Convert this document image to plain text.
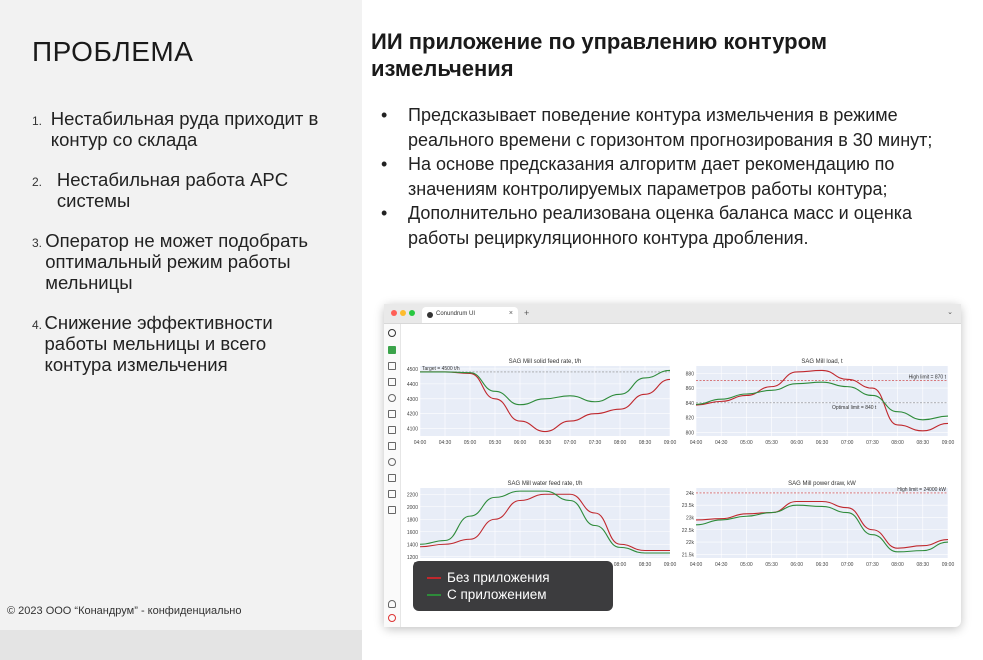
ПРОБЛЕМА
1. Нестабильная руда приходит в контур со склада
2. Нестабильная работа APC системы
3. Оператор не может подобрать оптимальный режим работы мельницы
4. Снижение эффективности работы мельницы и всего контура измельчения
© 2023 ООО “Конандрум” - конфиденциально
ИИ приложение по управлению контуром измельчения
• Предсказывает поведение контура измельчения в режиме реального времени с горизонтом прогнозирования в 30 минут;
• На основе предсказания алгоритм дает рекомендацию по значениям контролируемых параметров работы контура;
• Дополнительно реализована оценка баланса масс и оценка работы рециркуляционного контура дробления.
Conundrum UI	× +	⌄
SAG Mill solid feed rate, t/h
4100
4200
4300
4400
4500
04:00 04:30 05:00 05:30 06:00 06:30 07:00 07:30 08:00 08:30 09:00
Target = 4500 t/h
SAG Mill load, t
800
820
840
860
880
04:00	04:30	05:00	05:30	06:00	06:30	07:00	07:30	08:00	08:30	09:00
High limit = 870 t
Optimal limit = 840 t
SAG Mill water feed rate, t/h
1200
1400
1600
1800
2000
2200
08:00 08:30 09:00
SAG Mill power draw, kW
21.5k
22k
22.5k
23k
23.5k
24k
04:00	04:30	05:00	05:30	06:00	06:30	07:00	07:30	08:00	08:30	09:00
High limit = 24000 kW
Без приложения
С приложением
